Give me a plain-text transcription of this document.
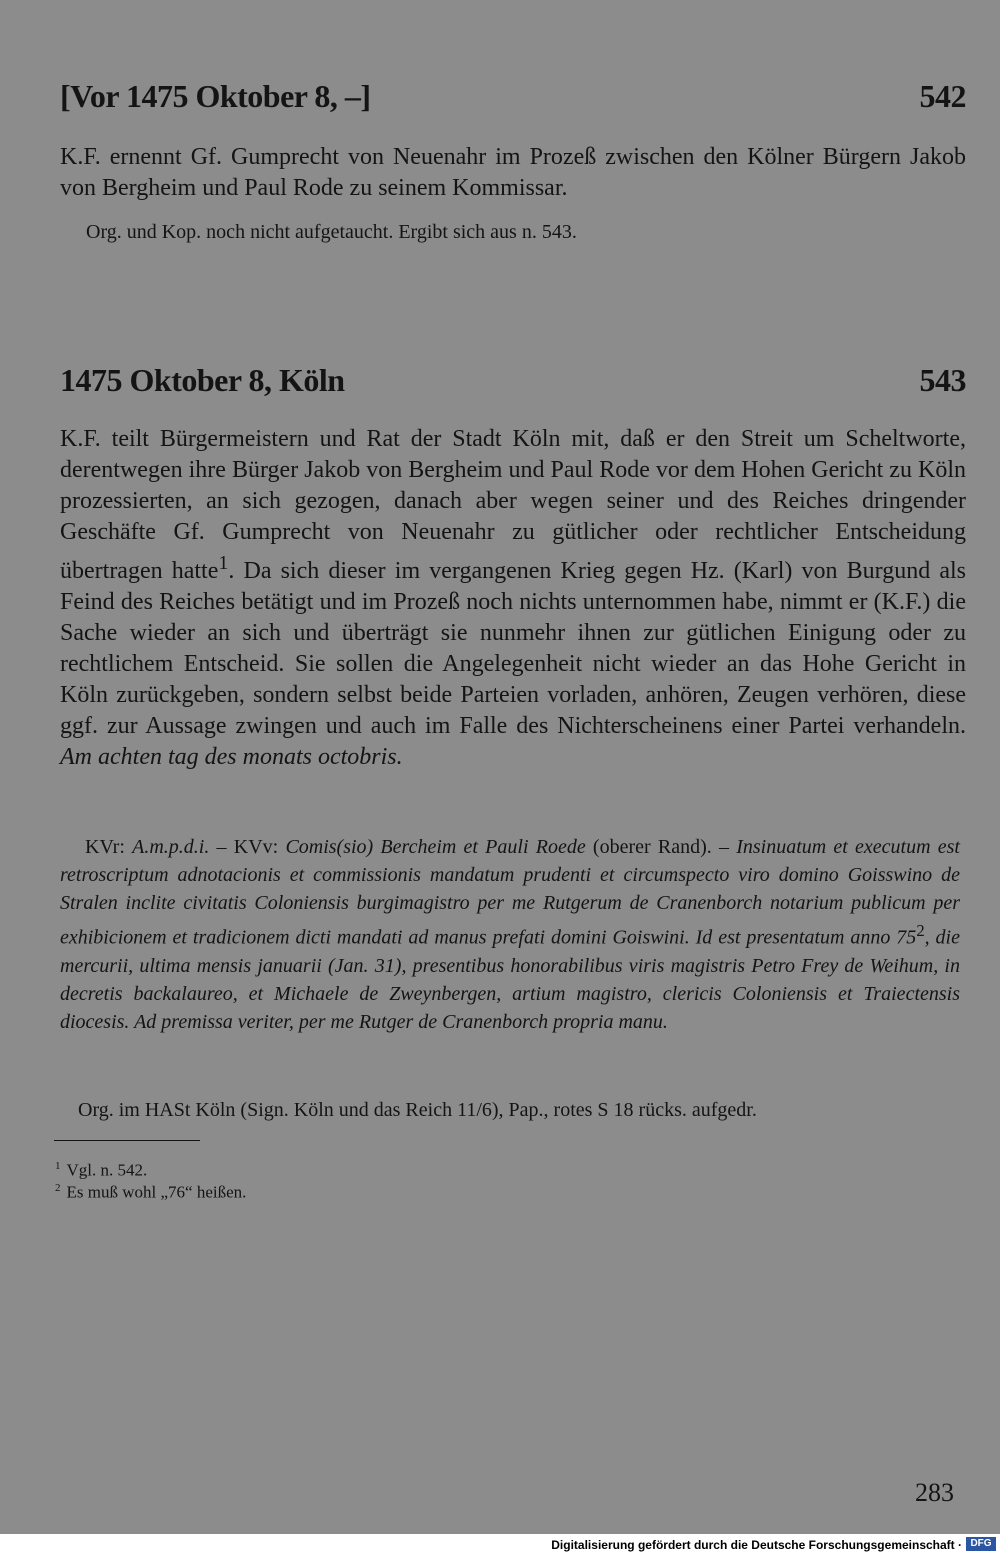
[Vor 1475 Oktober 8, –]	542

K.F. ernennt Gf. Gumprecht von Neuenahr im Prozeß zwischen den Kölner Bürgern Jakob von Bergheim und Paul Rode zu seinem Kommissar.

Org. und Kop. noch nicht aufgetaucht. Ergibt sich aus n. 543.

1475 Oktober 8, Köln	543

K.F. teilt Bürgermeistern und Rat der Stadt Köln mit, daß er den Streit um Scheltworte, derentwegen ihre Bürger Jakob von Bergheim und Paul Rode vor dem Hohen Gericht zu Köln prozessierten, an sich gezogen, danach aber wegen seiner und des Reiches dringender Geschäfte Gf. Gumprecht von Neuenahr zu gütlicher oder rechtlicher Entscheidung übertragen hatte$^1$. Da sich dieser im vergangenen Krieg gegen Hz. (Karl) von Burgund als Feind des Reiches betätigt und im Prozeß noch nichts unternommen habe, nimmt er (K.F.) die Sache wieder an sich und überträgt sie nunmehr ihnen zur gütlichen Einigung oder zu rechtlichem Entscheid. Sie sollen die Angelegenheit nicht wieder an das Hohe Gericht in Köln zurückgeben, sondern selbst beide Parteien vorladen, anhören, Zeugen verhören, diese ggf. zur Aussage zwingen und auch im Falle des Nichterscheinens einer Partei verhandeln. Am achten tag des monats octobris.

KVr: A.m.p.d.i. – KVv: Comis(sio) Bercheim et Pauli Roede (oberer Rand). – Insinuatum et executum est retroscriptum adnotacionis et commissionis mandatum prudenti et circumspecto viro domino Goisswino de Stralen inclite civitatis Coloniensis burgimagistro per me Rutgerum de Cranenborch notarium publicum per exhibicionem et tradicionem dicti mandati ad manus prefati domini Goiswini. Id est presentatum anno $75^2$, die mercurii, ultima mensis januarii (Jan. 31), presentibus honorabilibus viris magistris Petro Frey de Weihum, in decretis backalaureo, et Michaele de Zweynbergen, artium magistro, clericis Coloniensis et Traiectensis diocesis. Ad premissa veriter, per me Rutger de Cranenborch propria manu.

Org. im HASt Köln (Sign. Köln und das Reich 11/6), Pap., rotes S 18 rücks. aufgedr.

$^1$ Vgl. n. 542.

$^2$ Es muß wohl „76“ heißen.

283
Digitalisierung gefördert durch die Deutsche Forschungsgemeinschaft · DFG
